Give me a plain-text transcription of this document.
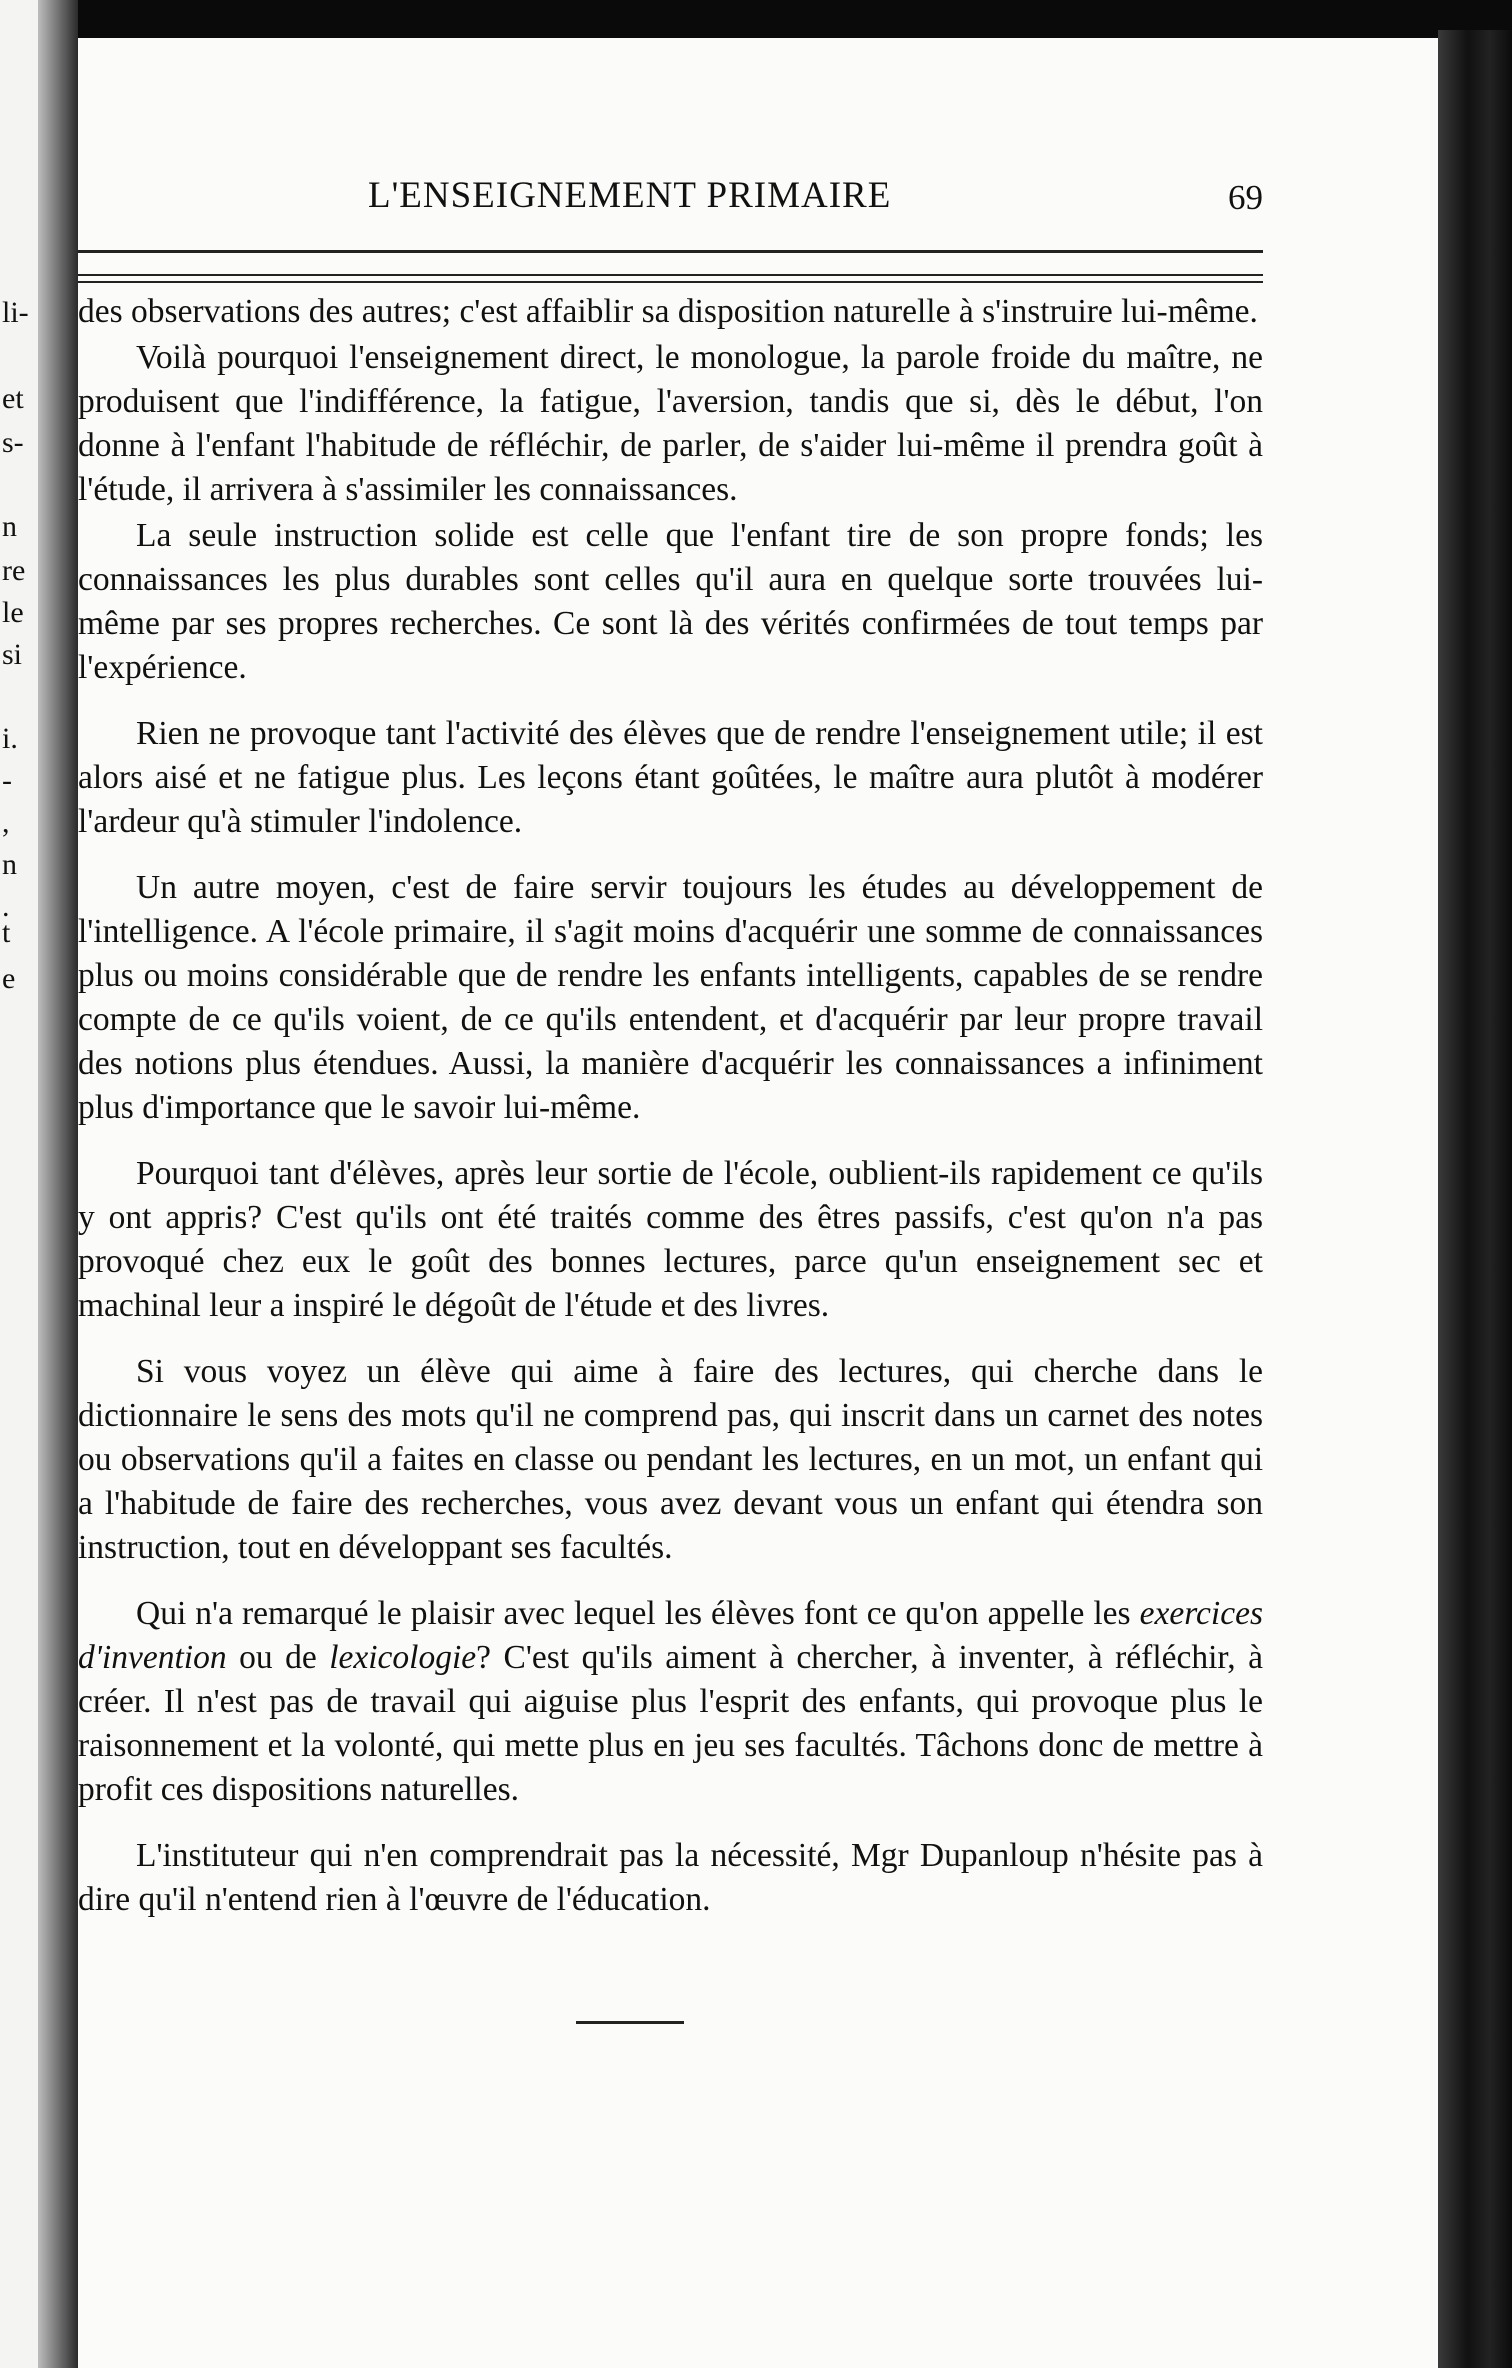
li-
et
s-
n
re
le
si
i.
-
,
n
.
t
e
L'ENSEIGNEMENT PRIMAIRE	69

des observations des autres; c'est affaiblir sa disposition naturelle à s'instruire lui-même.

Voilà pourquoi l'enseignement direct, le monologue, la parole froide du maître, ne produisent que l'indifférence, la fatigue, l'aversion, tandis que si, dès le début, l'on donne à l'enfant l'habitude de réfléchir, de parler, de s'aider lui-même il prendra goût à l'étude, il arrivera à s'assimiler les connaissances.

La seule instruction solide est celle que l'enfant tire de son propre fonds; les connaissances les plus durables sont celles qu'il aura en quelque sorte trouvées lui-même par ses propres recherches. Ce sont là des vérités confirmées de tout temps par l'expérience.

Rien ne provoque tant l'activité des élèves que de rendre l'enseignement utile; il est alors aisé et ne fatigue plus. Les leçons étant goûtées, le maître aura plutôt à modérer l'ardeur qu'à stimuler l'indolence.

Un autre moyen, c'est de faire servir toujours les études au développement de l'intelligence. A l'école primaire, il s'agit moins d'acquérir une somme de connaissances plus ou moins considérable que de rendre les enfants intelligents, capables de se rendre compte de ce qu'ils voient, de ce qu'ils entendent, et d'acquérir par leur propre travail des notions plus étendues. Aussi, la manière d'acquérir les connaissances a infiniment plus d'importance que le savoir lui-même.

Pourquoi tant d'élèves, après leur sortie de l'école, oublient-ils rapidement ce qu'ils y ont appris? C'est qu'ils ont été traités comme des êtres passifs, c'est qu'on n'a pas provoqué chez eux le goût des bonnes lectures, parce qu'un enseignement sec et machinal leur a inspiré le dégoût de l'étude et des livres.

Si vous voyez un élève qui aime à faire des lectures, qui cherche dans le dictionnaire le sens des mots qu'il ne comprend pas, qui inscrit dans un carnet des notes ou observations qu'il a faites en classe ou pendant les lectures, en un mot, un enfant qui a l'habitude de faire des recherches, vous avez devant vous un enfant qui étendra son instruction, tout en développant ses facultés.

Qui n'a remarqué le plaisir avec lequel les élèves font ce qu'on appelle les exercices d'invention ou de lexicologie? C'est qu'ils aiment à chercher, à inventer, à réfléchir, à créer. Il n'est pas de travail qui aiguise plus l'esprit des enfants, qui provoque plus le raisonnement et la volonté, qui mette plus en jeu ses facultés. Tâchons donc de mettre à profit ces dispositions naturelles.

L'instituteur qui n'en comprendrait pas la nécessité, Mgr Dupanloup n'hésite pas à dire qu'il n'entend rien à l'œuvre de l'éducation.
